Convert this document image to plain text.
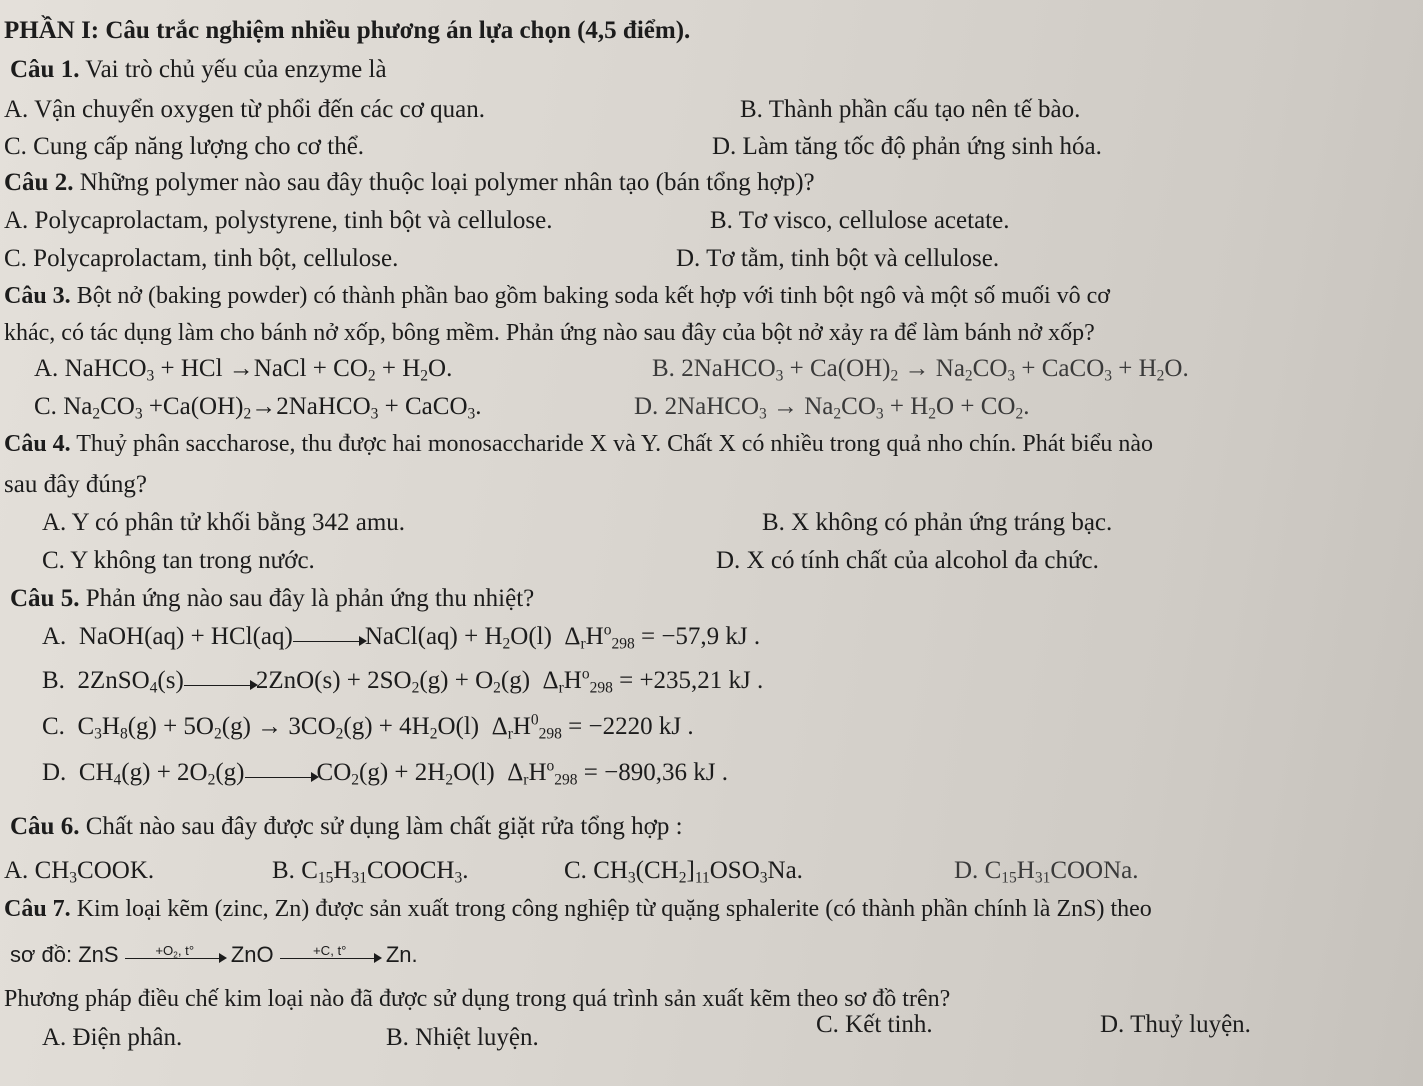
PHẦN I: Câu trắc nghiệm nhiều phương án lựa chọn (4,5 điểm).
Câu 1. Vai trò chủ yếu của enzyme là
A. Vận chuyển oxygen từ phổi đến các cơ quan.	B. Thành phần cấu tạo nên tế bào.
C. Cung cấp năng lượng cho cơ thể.	D. Làm tăng tốc độ phản ứng sinh hóa.
Câu 2. Những polymer nào sau đây thuộc loại polymer nhân tạo (bán tổng hợp)?
A. Polycaprolactam, polystyrene, tinh bột và cellulose.	B. Tơ visco, cellulose acetate.
C. Polycaprolactam, tinh bột, cellulose.	D. Tơ tằm, tinh bột và cellulose.
Câu 3. Bột nở (baking powder) có thành phần bao gồm baking soda kết hợp với tinh bột ngô và một số muối vô cơ
khác, có tác dụng làm cho bánh nở xốp, bông mềm. Phản ứng nào sau đây của bột nở xảy ra để làm bánh nở xốp?
A. NaHCO$_3$ + HCl →NaCl + $CO_2 + H_2O$.	B. 2NaHCO$_3$ + $Ca(OH)_2 \to Na_2CO_3$ + CaCO$_3$ + $H_2O$.
C. $Na_2CO_3$ $+Ca(OH)_2\to 2NaHCO_3$ + CaCO$_3$.	D. 2NaHCO$_3$ → $Na_2CO_3 + H_2O + CO_2$.
Câu 4. Thuỷ phân saccharose, thu được hai monosaccharide X và Y. Chất X có nhiều trong quả nho chín. Phát biểu nào
sau đây đúng?
A. Y có phân tử khối bằng 342 amu.	B. X không có phản ứng tráng bạc.
C. Y không tan trong nước.	D. X có tính chất của alcohol đa chức.
Câu 5. Phản ứng nào sau đây là phản ứng thu nhiệt?
A.  NaOH(aq) + HCl(aq)→NaCl(aq) + $H_2O(l) \Delta_rH^o_{298} = -57,9$ kJ .
B.  2ZnSO$_4$(s)→2ZnO(s) + $2SO_2(g) + O_2(g) \Delta_rH^o_{298} = +235,21$ kJ .
C.  $C_3H_8(g) + 5O_2(g) \to 3CO_2(g) + 4H_2O(l) \Delta_rH^0_{298} = -2220$ kJ .
D.  $CH_4(g) + 2O_2(g)\to CO_2(g) + 2H_2O(l) \Delta_rH^o_{298} = -890,36$ kJ .
Câu 6. Chất nào sau đây được sử dụng làm chất giặt rửa tổng hợp :
A. $CH_3COOK$.	B. $C_{15}H_{31}COOCH_3$.	C. $CH_3(CH_2]_{11}OSO_3Na$.	D. $C_{15}H_{31}COONa$.
Câu 7. Kim loại kẽm (zinc, Zn) được sản xuất trong công nghiệp từ quặng sphalerite (có thành phần chính là ZnS) theo
sơ đồ: ZnS	$+O_2$, t°	ZnO	+C, t°	Zn.
Phương pháp điều chế kim loại nào đã được sử dụng trong quá trình sản xuất kẽm theo sơ đồ trên?
A. Điện phân.	B. Nhiệt luyện.	C. Kết tinh.	D. Thuỷ luyện.
